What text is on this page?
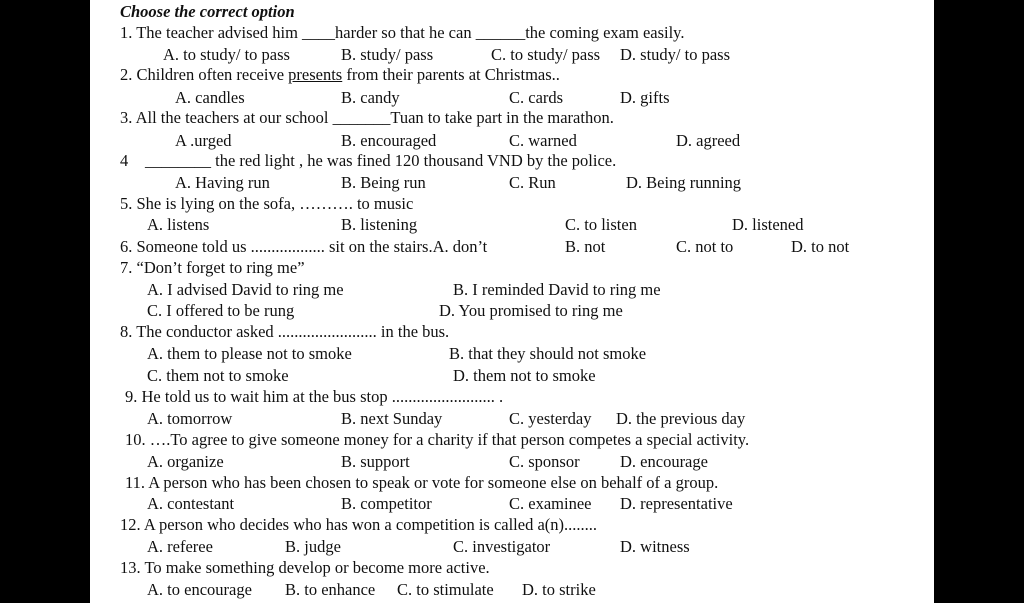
Choose the correct option
1. The teacher advised him ____harder so that he can ______the coming exam easily.
A. to study/ to pass	B. study/ pass	C. to study/ pass D. study/ to pass
2. Children often receive presents from their parents at Christmas..
A. candles	B. candy	C. cards	D. gifts
3. All the teachers at our school _______Tuan to take part in the marathon.
A .urged	B. encouraged	C. warned	D. agreed
4 ________ the red light , he was fined 120 thousand VND by the police.
A. Having run	B. Being run	C. Run	D. Being running
5. She is lying on the sofa, ………. to music
A. listens	B. listening	C. to listen	D. listened
6. Someone told us .................. sit on the stairs.A. don’t	B. not	C. not to	D. to not
7. “Don’t forget to ring me”
A. I advised David to ring me	B. I reminded David to ring me
C. I offered to be rung	D. You promised to ring me
8. The conductor asked ........................ in the bus.
A. them to please not to smoke	B. that they should not smoke
C. them not to smoke	D. them not to smoke
9. He told us to wait him at the bus stop ......................... .
A. tomorrow	B. next Sunday	C. yesterday D. the previous day
10. ….To agree to give someone money for a charity if that person competes a special activity.
A. organize	B. support	C. sponsor D. encourage
11. A person who has been chosen to speak or vote for someone else on behalf of a group.
A. contestant	B. competitor	C. examinee D. representative
12. A person who decides who has won a competition is called a(n)........
A. referee	B. judge	C. investigator	D. witness
13. To make something develop or become more active.
A. to encourage B. to enhance C. to stimulate D. to strike
